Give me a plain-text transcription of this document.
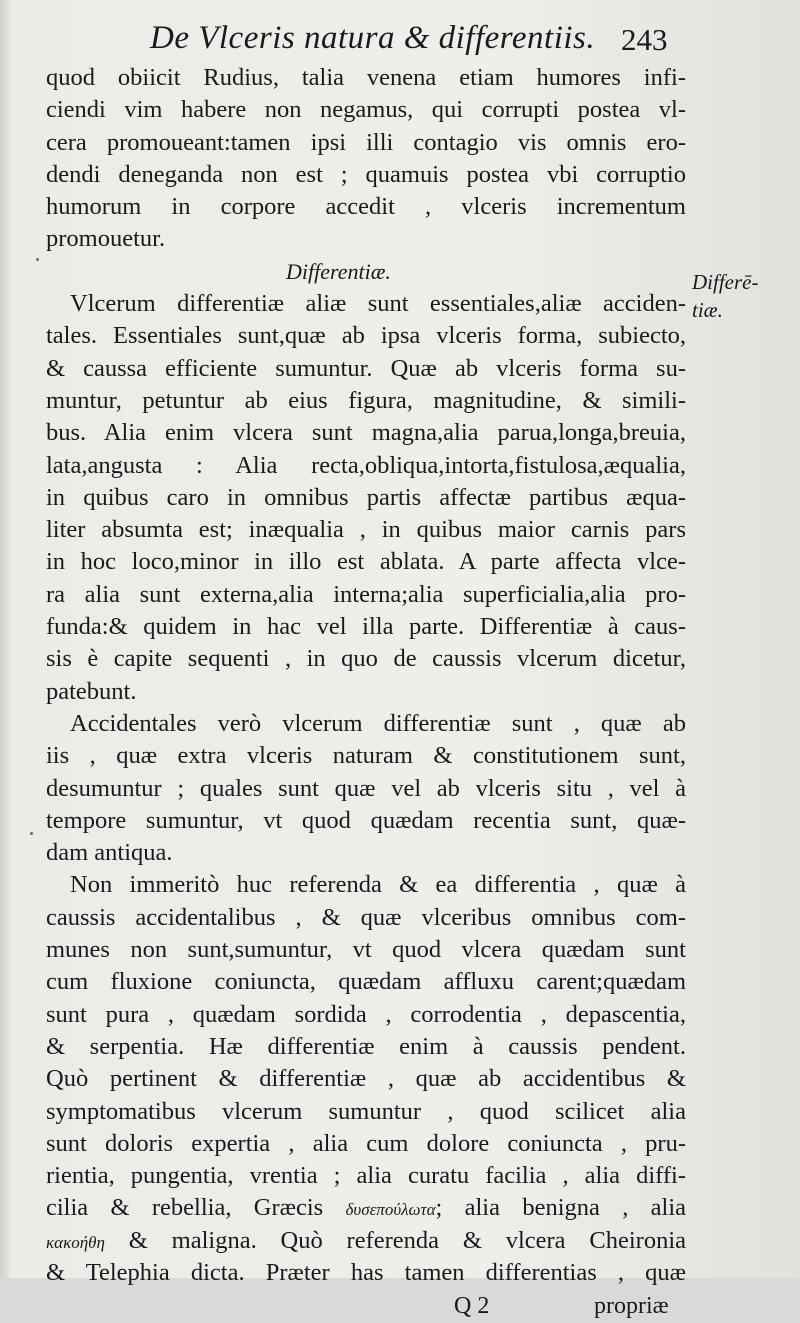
De Vlceris natura & differentiis. 243
Differē-
tiæ.
quod obiicit Rudius, talia venena etiam humores infi-
ciendi vim habere non negamus, qui corrupti postea vl-
cera promoueant:tamen ipsi illi contagio vis omnis ero-
dendi deneganda non est ; quamuis postea vbi corruptio
humorum in corpore accedit , vlceris incrementum
promouetur.
Differentiæ.
Vlcerum differentiæ aliæ sunt essentiales,aliæ acciden-
tales. Essentiales sunt,quæ ab ipsa vlceris forma, subiecto,
& caussa efficiente sumuntur. Quæ ab vlceris forma su-
muntur, petuntur ab eius figura, magnitudine, & simili-
bus. Alia enim vlcera sunt magna,alia parua,longa,breuia,
lata,angusta : Alia recta,obliqua,intorta,fistulosa,æqualia,
in quibus caro in omnibus partis affectæ partibus æqua-
liter absumta est; inæqualia , in quibus maior carnis pars
in hoc loco,minor in illo est ablata. A parte affecta vlce-
ra alia sunt externa,alia interna;alia superficialia,alia pro-
funda:& quidem in hac vel illa parte. Differentiæ à caus-
sis è capite sequenti , in quo de caussis vlcerum dicetur,
patebunt.
Accidentales verò vlcerum differentiæ sunt , quæ ab
iis , quæ extra vlceris naturam & constitutionem sunt,
desumuntur ; quales sunt quæ vel ab vlceris situ , vel à
tempore sumuntur, vt quod quædam recentia sunt, quæ-
dam antiqua.
Non immeritò huc referenda & ea differentia , quæ à
caussis accidentalibus , & quæ vlceribus omnibus com-
munes non sunt,sumuntur, vt quod vlcera quædam sunt
cum fluxione coniuncta, quædam affluxu carent;quædam
sunt pura , quædam sordida , corrodentia , depascentia,
& serpentia. Hæ differentiæ enim à caussis pendent.
Quò pertinent & differentiæ , quæ ab accidentibus &
symptomatibus vlcerum sumuntur , quod scilicet alia
sunt doloris expertia , alia cum dolore coniuncta , pru-
rientia, pungentia, vrentia ; alia curatu facilia , alia diffi-
cilia & rebellia, Græcis δυσεπούλωτα; alia benigna , alia
κακοήθη & maligna. Quò referenda & vlcera Cheironia
& Telephia dicta. Præter has tamen differentias , quæ
Q 2	propriæ
